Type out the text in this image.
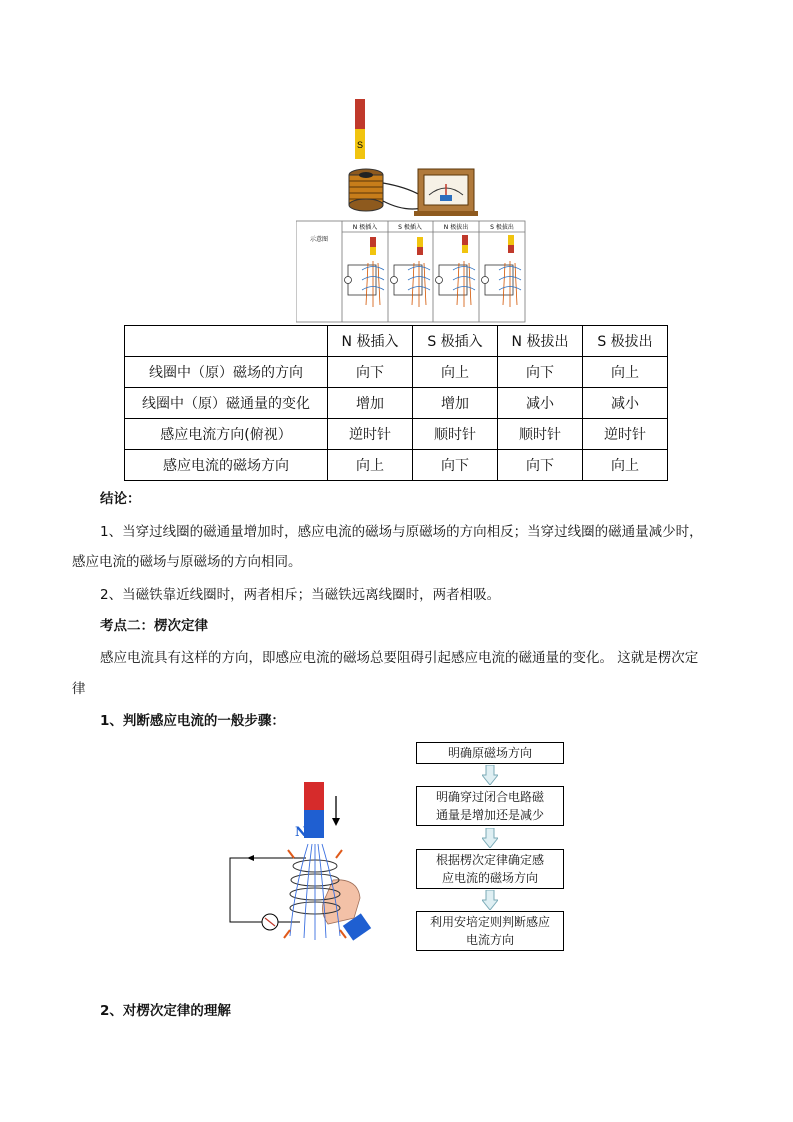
S
示意图
N 极插入	S 极插入	N 极拔出	S 极拔出
	N 极插入	S 极插入	N 极拔出	S 极拔出
线圈中（原）磁场的方向	向下	向上	向下	向上
线圈中（原）磁通量的变化	增加	增加	减小	减小
感应电流方向(俯视）	逆时针	顺时针	顺时针	逆时针
感应电流的磁场方向	向上	向下	向下	向上
结论：
1、当穿过线圈的磁通量增加时，感应电流的磁场与原磁场的方向相反；当穿过线圈的磁通量减少时，
感应电流的磁场与原磁场的方向相同。
2、当磁铁靠近线圈时，两者相斥；当磁铁远离线圈时，两者相吸。
考点二：楞次定律
感应电流具有这样的方向，即感应电流的磁场总要阻碍引起感应电流的磁通量的变化。 这就是楞次定
律
1、判断感应电流的一般步骤：
N
明确原磁场方向
明确穿过闭合电路磁
通量是增加还是减少
根据楞次定律确定感
应电流的磁场方向
利用安培定则判断感应
电流方向
2、对楞次定律的理解
